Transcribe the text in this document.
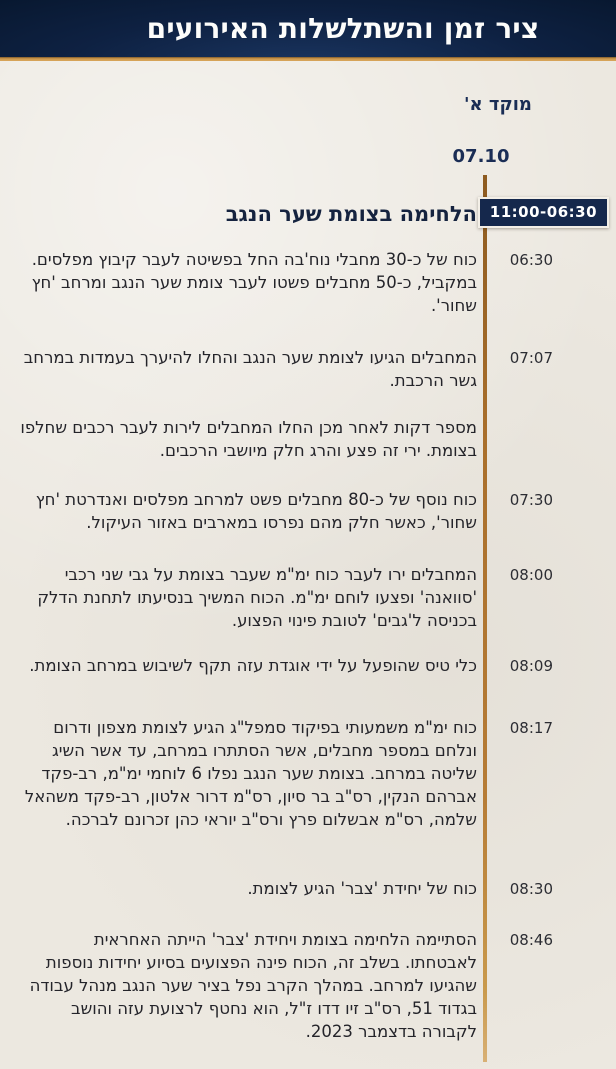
ציר זמן והשתלשלות האירועים
מוקד א'
07.10
הלחימה בצומת שער הנגב 11:00-06:30
06:30

כוח של כ-30 מחבלי נוח'בה החל בפשיטה לעבר קיבוץ מפלסים. במקביל, כ-50 מחבלים פשטו לעבר צומת שער הנגב ומרחב 'חץ שחור'.

07:07

המחבלים הגיעו לצומת שער הנגב והחלו להיערך בעמדות במרחב גשר הרכבת.

מספר דקות לאחר מכן החלו המחבלים לירות לעבר רכבים שחלפו בצומת. ירי זה פצע והרג חלק מיושבי הרכבים.

07:30

כוח נוסף של כ-80 מחבלים פשט למרחב מפלסים ואנדרטת 'חץ שחור', כאשר חלק מהם נפרסו במארבים באזור העיקול.

08:00

המחבלים ירו לעבר כוח ימ"מ שעבר בצומת על גבי שני רכבי 'סוואנה' ופצעו לוחם ימ"מ. הכוח המשיך בנסיעתו לתחנת הדלק בכניסה ל'גבים' לטובת פינוי הפצוע.

08:09

כלי טיס שהופעל על ידי אוגדת עזה תקף לשיבוש במרחב הצומת.

08:17

כוח ימ"מ משמעותי בפיקוד סמפל"ג הגיע לצומת מצפון ודרום ונלחם במספר מחבלים, אשר הסתתרו במרחב, עד אשר השיג שליטה במרחב. בצומת שער הנגב נפלו 6 לוחמי ימ"מ, רב-פקד אברהם הנקין, רס"ב בר סיון, רס"מ דרור אלטון, רב-פקד משהאל שלמה, רס"מ אבשלום פרץ ורס"ב יוראי כהן זכרונם לברכה.

08:30

כוח של יחידת 'צבר' הגיע לצומת.

08:46

הסתיימה הלחימה בצומת ויחידת 'צבר' הייתה האחראית לאבטחתו. בשלב זה, הכוח פינה הפצועים בסיוע יחידות נוספות שהגיעו למרחב. במהלך הקרב נפל בציר שער הנגב מנהל עבודה בגדוד 51, רס"ב זיו דדו ז"ל, הוא נחטף לרצועת עזה והושב לקבורה בדצמבר 2023.
